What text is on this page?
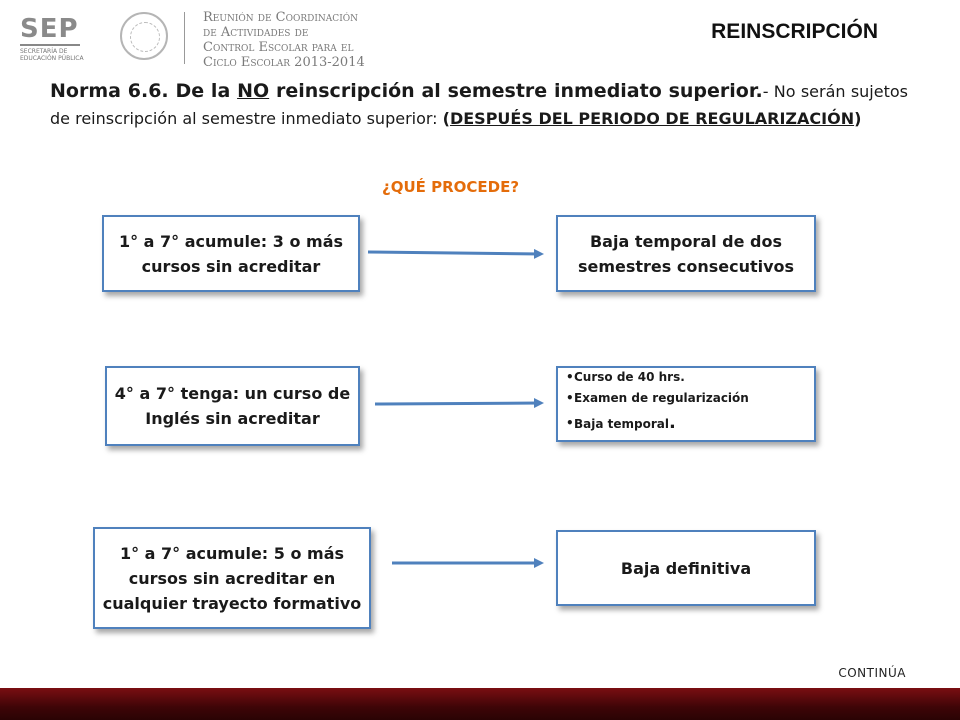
SEP
SECRETARÍA DE
EDUCACIÓN PÚBLICA
Reunión de Coordinación
de Actividades de
Control Escolar para el
Ciclo Escolar 2013-2014
REINSCRIPCIÓN
Norma 6.6. De la NO reinscripción al semestre inmediato superior.- No serán sujetos de reinscripción al semestre inmediato superior: (DESPUÉS DEL PERIODO DE REGULARIZACIÓN)
¿QUÉ PROCEDE?
1° a 7° acumule: 3 o más cursos sin acreditar
Baja temporal de dos semestres consecutivos
4° a 7° tenga: un curso de Inglés sin acreditar
• Curso de 40 hrs.
• Examen de regularización
• Baja temporal.
1° a 7° acumule: 5 o más cursos sin acreditar en cualquier trayecto formativo
Baja definitiva
CONTINÚA
